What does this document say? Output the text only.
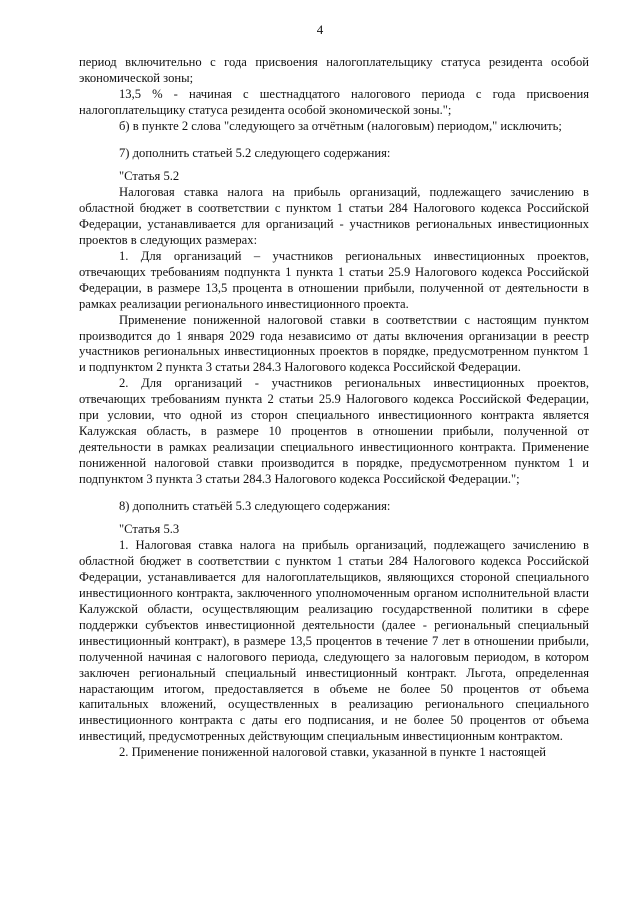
4

период включительно с года присвоения налогоплательщику статуса резидента особой экономической зоны;

13,5 % - начиная с шестнадцатого налогового периода с года присвоения налогоплательщику статуса резидента особой экономической зоны.";

б) в пункте 2 слова "следующего за отчётным (налоговым) периодом," исключить;

7) дополнить статьей 5.2 следующего содержания:

"Статья 5.2

Налоговая ставка налога на прибыль организаций, подлежащего зачислению в областной бюджет в соответствии с пунктом 1 статьи 284 Налогового кодекса Российской Федерации, устанавливается для организаций - участников региональных инвестиционных проектов в следующих размерах:

1. Для организаций – участников региональных инвестиционных проектов, отвечающих требованиям подпункта 1 пункта 1 статьи 25.9 Налогового кодекса Российской Федерации, в размере 13,5 процента в отношении прибыли, полученной от деятельности в рамках реализации регионального инвестиционного проекта.

Применение пониженной налоговой ставки в соответствии с настоящим пунктом производится до 1 января 2029 года независимо от даты включения организации в реестр участников региональных инвестиционных проектов в порядке, предусмотренном пунктом 1 и подпунктом 2 пункта 3 статьи 284.3 Налогового кодекса Российской Федерации.

2. Для организаций - участников региональных инвестиционных проектов, отвечающих требованиям пункта 2 статьи 25.9 Налогового кодекса Российской Федерации, при условии, что одной из сторон специального инвестиционного контракта является Калужская область, в размере 10 процентов в отношении прибыли, полученной от деятельности в рамках реализации специального инвестиционного контракта. Применение пониженной налоговой ставки производится в порядке, предусмотренном пунктом 1 и подпунктом 3 пункта 3 статьи 284.3 Налогового кодекса Российской Федерации.";

8) дополнить статьёй 5.3 следующего содержания:

"Статья 5.3

1. Налоговая ставка налога на прибыль организаций, подлежащего зачислению в областной бюджет в соответствии с пунктом 1 статьи 284 Налогового кодекса Российской Федерации, устанавливается для налогоплательщиков, являющихся стороной специального инвестиционного контракта, заключенного уполномоченным органом исполнительной власти Калужской области, осуществляющим реализацию государственной политики в сфере поддержки субъектов инвестиционной деятельности (далее - региональный специальный инвестиционный контракт), в размере 13,5 процентов в течение 7 лет в отношении прибыли, полученной начиная с налогового периода, следующего за налоговым периодом, в котором заключен региональный специальный инвестиционный контракт. Льгота, определенная нарастающим итогом, предоставляется в объеме не более 50 процентов от объема капитальных вложений, осуществленных в реализацию регионального специального инвестиционного контракта с даты его подписания, и не более 50 процентов от объема инвестиций, предусмотренных действующим специальным инвестиционным контрактом.

2. Применение пониженной налоговой ставки, указанной в пункте 1 настоящей
